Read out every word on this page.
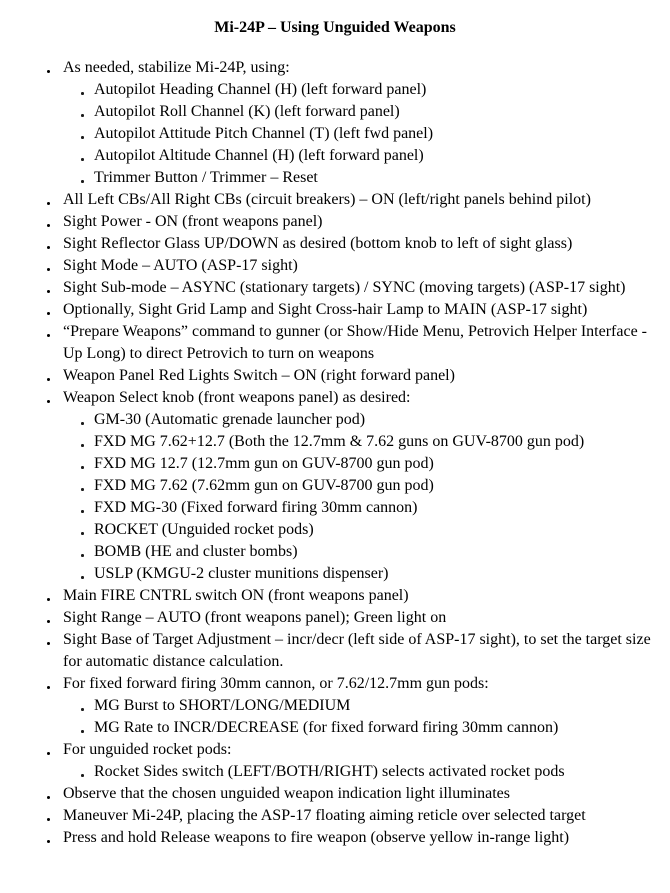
Mi-24P – Using Unguided Weapons
As needed, stabilize Mi-24P, using:
Autopilot Heading Channel (H) (left forward panel)
Autopilot Roll Channel (K) (left forward panel)
Autopilot Attitude Pitch Channel (T) (left fwd panel)
Autopilot Altitude Channel (H) (left forward panel)
Trimmer Button / Trimmer – Reset
All Left CBs/All Right CBs (circuit breakers) – ON (left/right panels behind pilot)
Sight Power - ON (front weapons panel)
Sight Reflector Glass UP/DOWN as desired (bottom knob to left of sight glass)
Sight Mode – AUTO (ASP-17 sight)
Sight Sub-mode – ASYNC (stationary targets) / SYNC (moving targets) (ASP-17 sight)
Optionally, Sight Grid Lamp and Sight Cross-hair Lamp to MAIN (ASP-17 sight)
“Prepare Weapons” command to gunner (or Show/Hide Menu, Petrovich Helper Interface - Up Long) to direct Petrovich to turn on weapons
Weapon Panel Red Lights Switch – ON (right forward panel)
Weapon Select knob (front weapons panel) as desired:
GM-30 (Automatic grenade launcher pod)
FXD MG 7.62+12.7 (Both the 12.7mm & 7.62 guns on GUV-8700 gun pod)
FXD MG 12.7 (12.7mm gun on GUV-8700 gun pod)
FXD MG 7.62 (7.62mm gun on GUV-8700 gun pod)
FXD MG-30 (Fixed forward firing 30mm cannon)
ROCKET (Unguided rocket pods)
BOMB (HE and cluster bombs)
USLP (KMGU-2 cluster munitions dispenser)
Main FIRE CNTRL switch ON (front weapons panel)
Sight Range – AUTO (front weapons panel); Green light on
Sight Base of Target Adjustment – incr/decr (left side of ASP-17 sight), to set the target size for automatic distance calculation.
For fixed forward firing 30mm cannon, or 7.62/12.7mm gun pods:
MG Burst to SHORT/LONG/MEDIUM
MG Rate to INCR/DECREASE (for fixed forward firing 30mm cannon)
For unguided rocket pods:
Rocket Sides switch (LEFT/BOTH/RIGHT) selects activated rocket pods
Observe that the chosen unguided weapon indication light illuminates
Maneuver Mi-24P, placing the ASP-17 floating aiming reticle over selected target
Press and hold Release weapons to fire weapon (observe yellow in-range light)
